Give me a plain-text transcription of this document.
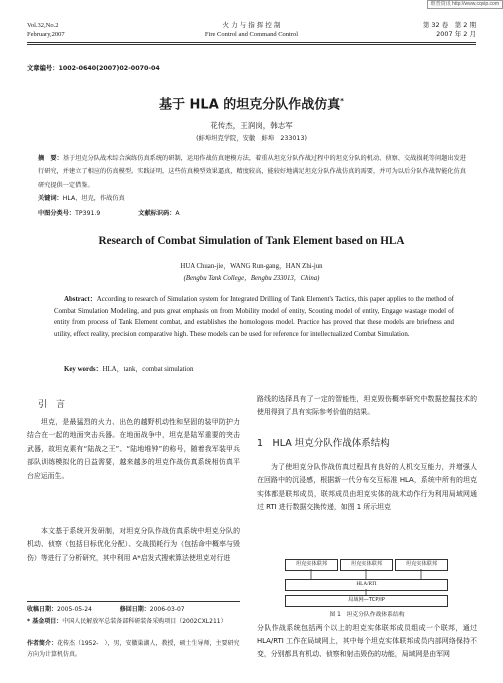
维普资讯 http://www.cqvip.com
Vol.32,No.2
February,2007
火 力 与 指 挥 控 制
Fire Control and Command Control
第 32 卷　第 2 期
2007 年 2 月
文章编号：1002-0640(2007)02-0070-04
基于 HLA 的坦克分队作战仿真*
花传杰，王润岗，韩志军
(蚌埠坦克学院，安徽　蚌埠　233013)
摘　要：基于坦克分队战术综合演练仿真系统的研制，运用作战仿真建模方法，着重从坦克分队作战过程中的坦克分队的机动、侦察、交战损耗等问题出发进行研究，并建立了相应的仿真模型。实践证明，这些仿真模型效果逼真，精度较高，能较好地满足坦克分队作战仿真的需要，并可为以后分队作战智能化仿真研究提供一定借鉴。
关键词：HLA，坦克，作战仿真
中图分类号：TP391.9	文献标识码：A
Research of Combat Simulation of Tank Element based on HLA
HUA Chuan-jie，WANG Run-gang，HAN Zhi-jun
(Bengbu Tank College，Bengbu 233013，China)
Abstract：According to research of Simulation system for Integrated Drilling of Tank Element's Tactics, this paper applies to the method of Combat Simulation Modeling, and puts great emphasis on from Mobility model of entity, Scouting model of entity, Engage wastage model of entity from process of Tank Element combat, and establishes the homologous model. Practice has proved that these models are briefness and utility, effect reality, precision comparative high. These models can be used for reference for intellectualized Combat Simulation.
Key words：HLA，tank，combat simulation
引　言
坦克，是最猛烈的火力、出色的越野机动性和坚固的装甲防护力结合在一起的地面突击兵器。在地面战争中，坦克是陆军重要的突击武器，故坦克素有“陆战之王”、“陆地堆钟”的称号，随着我军装甲兵部队训练模拟化的日益需要，越来越多的坦克作战仿真系统相仿真平台应运而生。
本文基于系统开发研制，对坦克分队作战仿真系统中坦克分队的机动、侦察（包括目标优化分配）、交战损耗行为（包括命中概率与毁伤）等进行了分析研究，其中利用 A*启发式搜索算法使坦克对行进
收稿日期：2005-05-24	修回日期：2006-03-07
* 基金项目：中国人民解放军总装备部科研装备采购项目（2002CXL211）
作者简介：花传杰（1952-　），男，安徽巢湖人，教授，硕士生导师，主要研究方向为计算机仿真。
路线的选择具有了一定的智能性，坦克毁伤概率研究中数据挖掘技术的使用得到了具有实际参考价值的结果。
1　HLA 坦克分队作战体系结构
为了使坦克分队作战仿真过程具有良好的人机交互能力，并增强人在回路中的沉浸感，根据新一代分布交互标准 HLA，系统中所有的坦克实体都是联邦成员，联邦成员由坦克实体的战术动作行为利用局域网通过 RTI 进行数据交换传递，如图 1 所示坦克
坦克实体联邦	坦克实体联邦	坦克实体联邦
HLA/RTI
局域网—TCP/IP
图 1　坦克分队作战体系结构
分队作战系统包括两个以上的坦克实体联邦成员组成一个联邦，通过 HLA/RTI 工作在局域网上，其中每个坦克实体联邦成员内部网络保持不变，分别都具有机动、侦察和射击毁伤的功能，局域网是由军网
